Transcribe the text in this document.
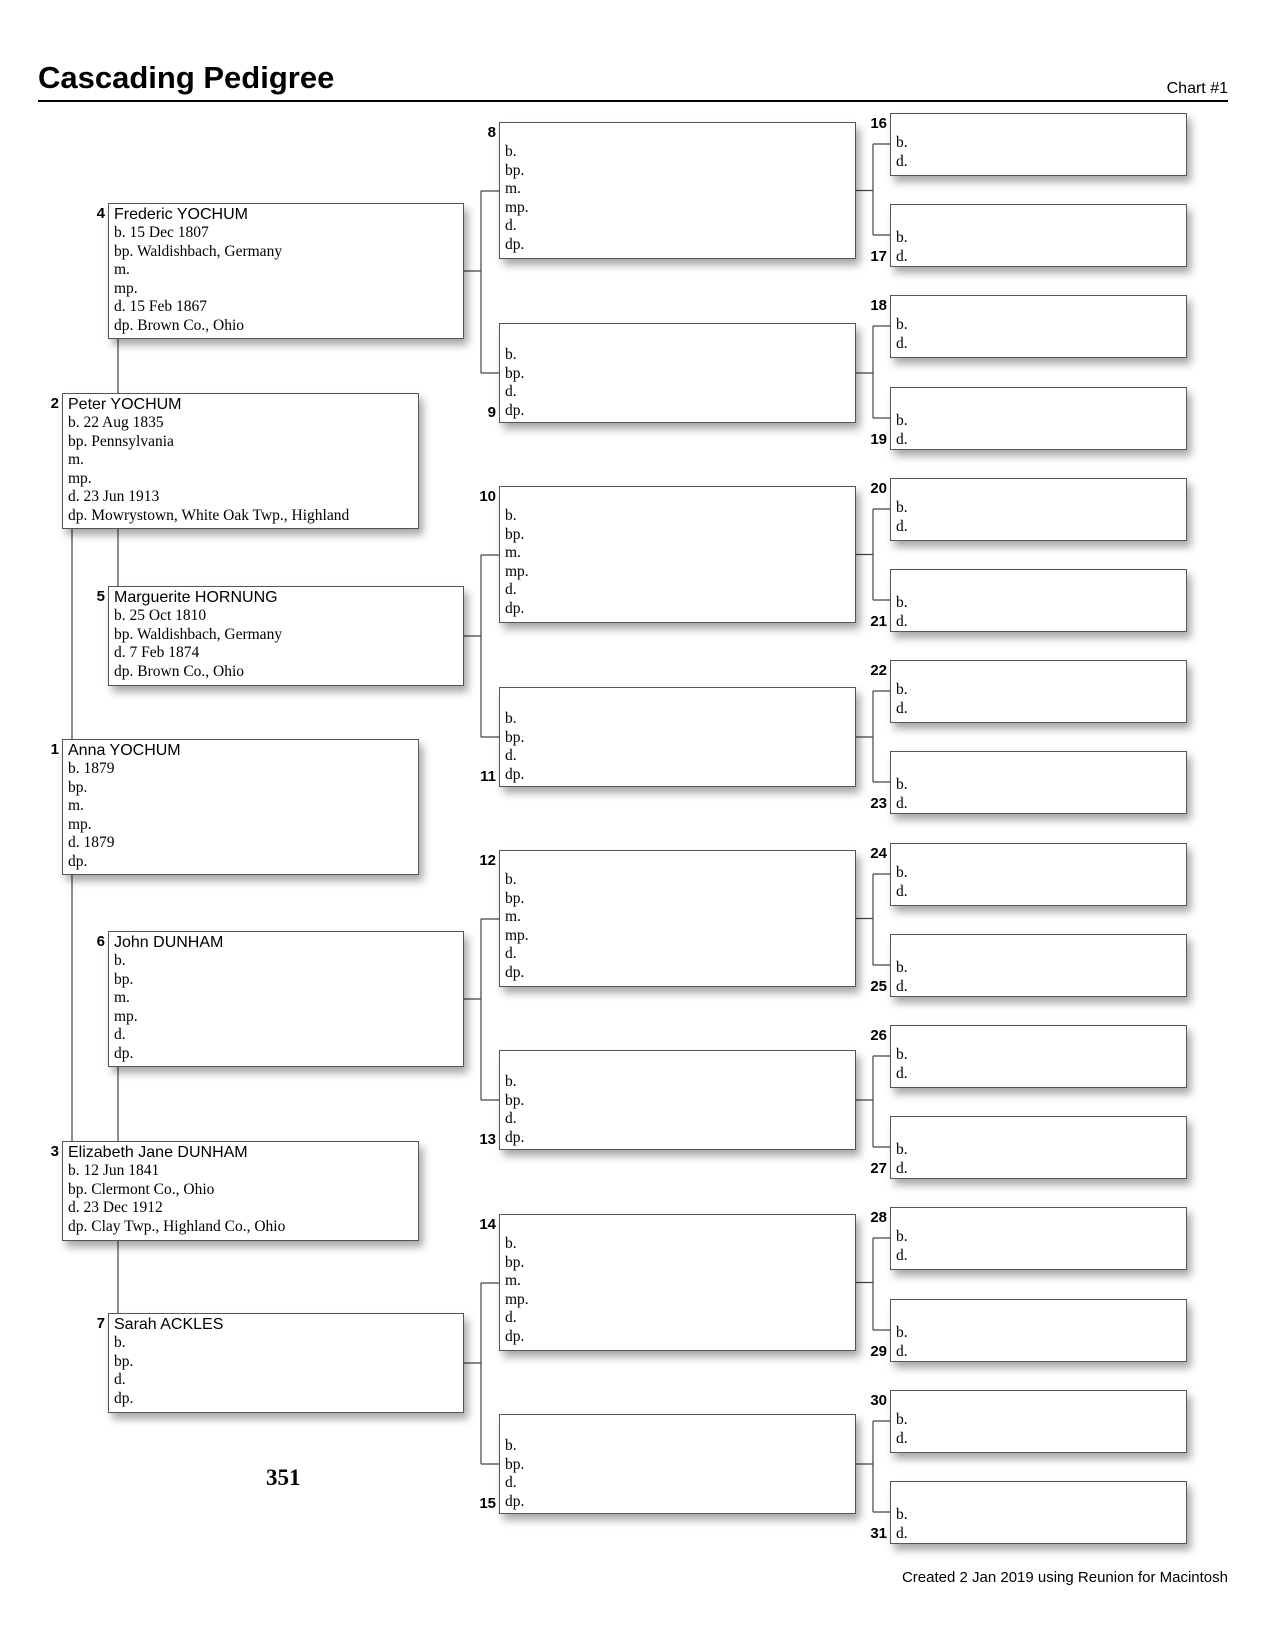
Cascading Pedigree	Chart #1
Anna YOCHUM
b. 1879
bp.
m.
mp.
d. 1879
dp.
1
Peter YOCHUM
b. 22 Aug 1835
bp. Pennsylvania
m.
mp.
d. 23 Jun 1913
dp. Mowrystown, White Oak Twp., Highland
2
Elizabeth Jane DUNHAM
b. 12 Jun 1841
bp. Clermont Co., Ohio
d. 23 Dec 1912
dp. Clay Twp., Highland Co., Ohio
3
Frederic YOCHUM
b. 15 Dec 1807
bp. Waldishbach, Germany
m.
mp.
d. 15 Feb 1867
dp. Brown Co., Ohio
4
Marguerite HORNUNG
b. 25 Oct 1810
bp. Waldishbach, Germany
d. 7 Feb 1874
dp. Brown Co., Ohio
5
John DUNHAM
b.
bp.
m.
mp.
d.
dp.
6
Sarah ACKLES
b.
bp.
d.
dp.
7
b.
bp.
m.
mp.
d.
dp.
8
b.
bp.
d.
dp.
9
b.
bp.
m.
mp.
d.
dp.
10
b.
bp.
d.
dp.
11
b.
bp.
m.
mp.
d.
dp.
12
b.
bp.
d.
dp.
13
b.
bp.
m.
mp.
d.
dp.
14
b.
bp.
d.
dp.
15
b.
d.
16
b.
d.
17
b.
d.
18
b.
d.
19
b.
d.
20
b.
d.
21
b.
d.
22
b.
d.
23
b.
d.
24
b.
d.
25
b.
d.
26
b.
d.
27
b.
d.
28
b.
d.
29
b.
d.
30
b.
d.
31
351
Created 2 Jan 2019 using Reunion for Macintosh
